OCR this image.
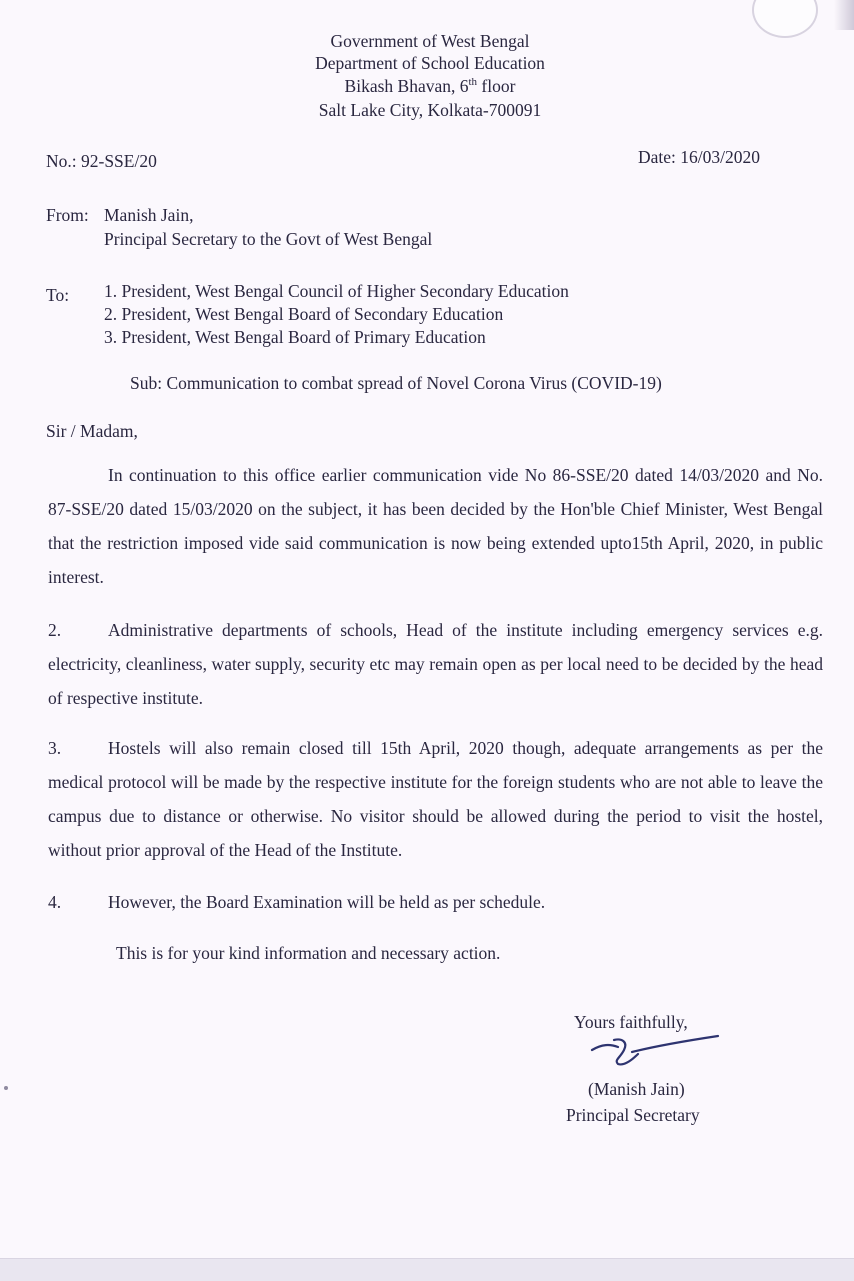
Government of West Bengal
Department of School Education
Bikash Bhavan, 6th floor
Salt Lake City, Kolkata-700091
No.: 92-SSE/20	Date: 16/03/2020
From: Manish Jain,
Principal Secretary to the Govt of West Bengal
To: 1. President, West Bengal Council of Higher Secondary Education
2. President, West Bengal Board of Secondary Education
3. President, West Bengal Board of Primary Education
Sub: Communication to combat spread of Novel Corona Virus (COVID-19)
Sir / Madam,
In continuation to this office earlier communication vide No 86-SSE/20 dated 14/03/2020 and No. 87-SSE/20 dated 15/03/2020 on the subject, it has been decided by the Hon'ble Chief Minister, West Bengal that the restriction imposed vide said communication is now being extended upto15th April, 2020, in public interest.
2.	Administrative departments of schools, Head of the institute including emergency services e.g. electricity, cleanliness, water supply, security etc may remain open as per local need to be decided by the head of respective institute.
3.	Hostels will also remain closed till 15th April, 2020 though, adequate arrangements as per the medical protocol will be made by the respective institute for the foreign students who are not able to leave the campus due to distance or otherwise. No visitor should be allowed during the period to visit the hostel, without prior approval of the Head of the Institute.
4.	However, the Board Examination will be held as per schedule.
This is for your kind information and necessary action.
Yours faithfully,
(Manish Jain)
Principal Secretary
